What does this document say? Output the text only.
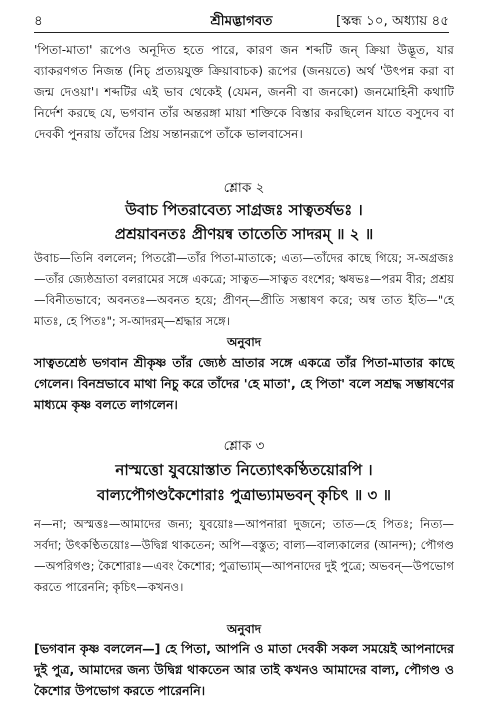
৪	শ্রীমদ্ভাগবত	[স্কন্ধ ১০, অধ্যায় ৪৫

'পিতা-মাতা' রূপেও অনূদিত হতে পারে, কারণ জন শব্দটি জন্ ক্রিয়া উদ্ভূত, যার ব্যাকরণগত নিজন্ত (নিচ্ প্রত্যয়যুক্ত ক্রিয়াবাচক) রূপের (জনয়তে) অর্থ 'উৎপন্ন করা বা জন্ম দেওয়া'। শব্দটির এই ভাব থেকেই (যেমন, জননী বা জনকো) জনমোহিনী কথাটি নির্দেশ করছে যে, ভগবান তাঁর অন্তরঙ্গা মায়া শক্তিকে বিস্তার করছিলেন যাতে বসুদেব বা দেবকী পুনরায় তাঁদের প্রিয় সন্তানরূপে তাঁকে ভালবাসেন।

শ্লোক ২
উবাচ পিতরাবেত্য সাগ্রজঃ সাত্বতর্ষভঃ ।
প্রশ্রয়াবনতঃ প্রীণয়ন্ব তাতেতি সাদরম্ ॥ ২ ॥

উবাচ—তিনি বললেন; পিতরৌ—তাঁর পিতা-মাতাকে; এত্য—তাঁদের কাছে গিয়ে; স-অগ্রজঃ—তাঁর জ্যেষ্ঠভ্রাতা বলরামের সঙ্গে একত্রে; সাত্বত—সাত্বত বংশের; ঋষভঃ—পরম বীর; প্রশ্রয়—বিনীতভাবে; অবনতঃ—অবনত হয়ে; প্রীণন্—প্রীতি সম্ভাষণ করে; অম্ব তাত ইতি—"হে মাতঃ, হে পিতঃ"; স-আদরম্—শ্রদ্ধার সঙ্গে।

অনুবাদ

সাত্বতশ্রেষ্ঠ ভগবান শ্রীকৃষ্ণ তাঁর জ্যেষ্ঠ ভ্রাতার সঙ্গে একত্রে তাঁর পিতা-মাতার কাছে গেলেন। বিনম্রভাবে মাথা নিচু করে তাঁদের 'হে মাতা', হে পিতা' বলে সশ্রদ্ধ সম্ভাষণের মাধ্যমে কৃষ্ণ বলতে লাগলেন।

শ্লোক ৩
নাস্মত্তো যুবয়োস্তাত নিত্যোৎকণ্ঠিতয়োরপি ।
বাল্যপৌগণ্ডকৈশোরাঃ পুত্রাভ্যামভবন্ কৃচিৎ ॥ ৩ ॥

ন—না; অস্মত্তঃ—আমাদের জন্য; যুবয়োঃ—আপনারা দুজনে; তাত—হে পিতঃ; নিত্য—সর্বদা; উৎকণ্ঠিতয়োঃ—উদ্বিগ্ন থাকতেন; অপি—বস্তুত; বাল্য—বাল্যকালের (আনন্দ); পৌগণ্ড—অপরিগণ্ড; কৈশোরাঃ—এবং কৈশোর; পুত্রাভ্যাম্—আপনাদের দুই পুত্রে; অভবন্—উপভোগ করতে পারেননি; কৃচিৎ—কখনও।

অনুবাদ

[ভগবান কৃষ্ণ বললেন—] হে পিতা, আপনি ও মাতা দেবকী সকল সময়েই আপনাদের দুই পুত্র, আমাদের জন্য উদ্বিগ্ন থাকতেন আর তাই কখনও আমাদের বাল্য, পৌগণ্ড ও কৈশোর উপভোগ করতে পারেননি।
